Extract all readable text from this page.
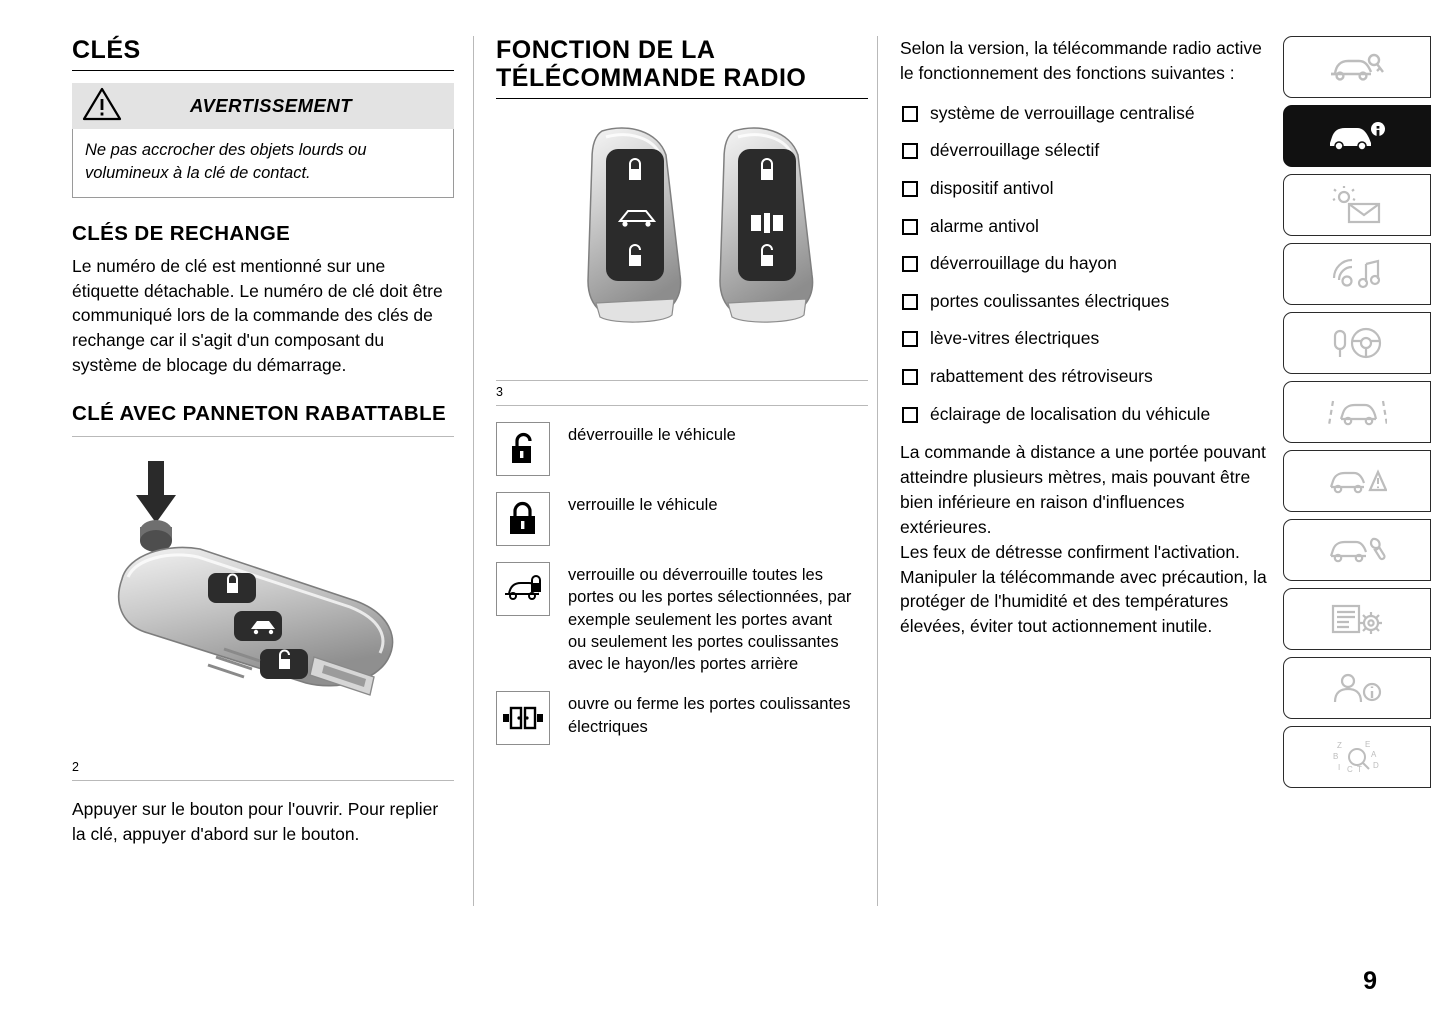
CLÉS
AVERTISSEMENT
Ne pas accrocher des objets lourds ou volumineux à la clé de contact.
CLÉS DE RECHANGE

Le numéro de clé est mentionné sur une étiquette détachable. Le numéro de clé doit être communiqué lors de la commande des clés de rechange car il s'agit d'un composant du système de blocage du démarrage.

CLÉ AVEC PANNETON RABATTABLE
2

Appuyer sur le bouton pour l'ouvrir. Pour replier la clé, appuyer d'abord sur le bouton.

FONCTION DE LA TÉLÉCOMMANDE RADIO
3
déverrouille le véhicule
verrouille le véhicule
verrouille ou déverrouille toutes les portes ou les portes sélectionnées, par exemple seulement les portes avant ou seulement les portes coulissantes avec le hayon/les portes arrière
ouvre ou ferme les portes coulissantes électriques

Selon la version, la télécommande radio active le fonctionnement des fonctions suivantes :

système de verrouillage centralisé
déverrouillage sélectif
dispositif antivol
alarme antivol
déverrouillage du hayon
portes coulissantes électriques
lève-vitres électriques
rabattement des rétroviseurs
éclairage de localisation du véhicule

La commande à distance a une portée pouvant atteindre plusieurs mètres, mais pouvant être bien inférieure en raison d'influences extérieures.

Les feux de détresse confirment l'activation.

Manipuler la télécommande avec précaution, la protéger de l'humidité et des températures élevées, éviter tout actionnement inutile.

Z	E
B	A
I C T D
9
